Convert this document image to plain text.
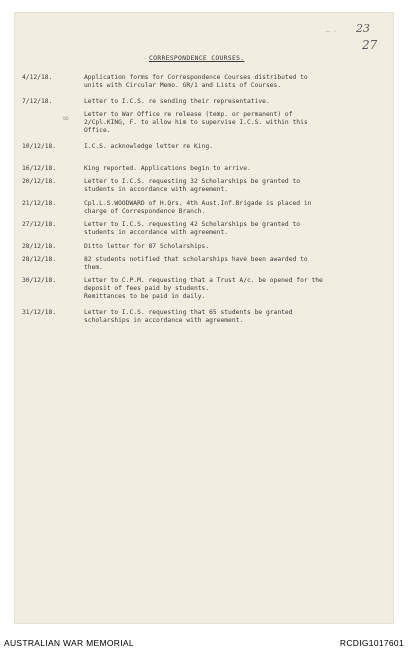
— · 23
27
CORRESPONDENCE COURSES.
∞
4/12/18.	Application forms for Correspondence Courses distributed to
units with Circular Memo. GR/1 and Lists of Courses.
7/12/18.	Letter to I.C.S. re sending their representative.
Letter to War Office re release (temp. or permanent) of
2/Cpl.KING, F. to allow him to supervise I.C.S. within this
Office.
10/12/18.	I.C.S. acknowledge letter re King.
16/12/18.	King reported. Applications begin to arrive.
20/12/18.	Letter to I.C.S. requesting 32 Scholarships be granted to
students in accordance with agreement.
21/12/18.	Cpl.L.S.WOODWARD of H.Qrs. 4th Aust.Inf.Brigade is placed in
charge of Correspondence Branch.
27/12/18.	Letter to I.C.S. requesting 42 Scholarships be granted to
students in accordance with agreement.
28/12/18.	Ditto letter for 87 Scholarships.
28/12/18.	82 students notified that scholarships have been awarded to
them.
30/12/18.	Letter to C.P.M. requesting that a Trust A/c. be opened for the
deposit of fees paid by students.
Remittances to be paid in daily.
31/12/18.	Letter to I.C.S. requesting that 65 students be granted
scholarships in accordance with agreement.
AUSTRALIAN WAR MEMORIAL	RCDIG1017601
